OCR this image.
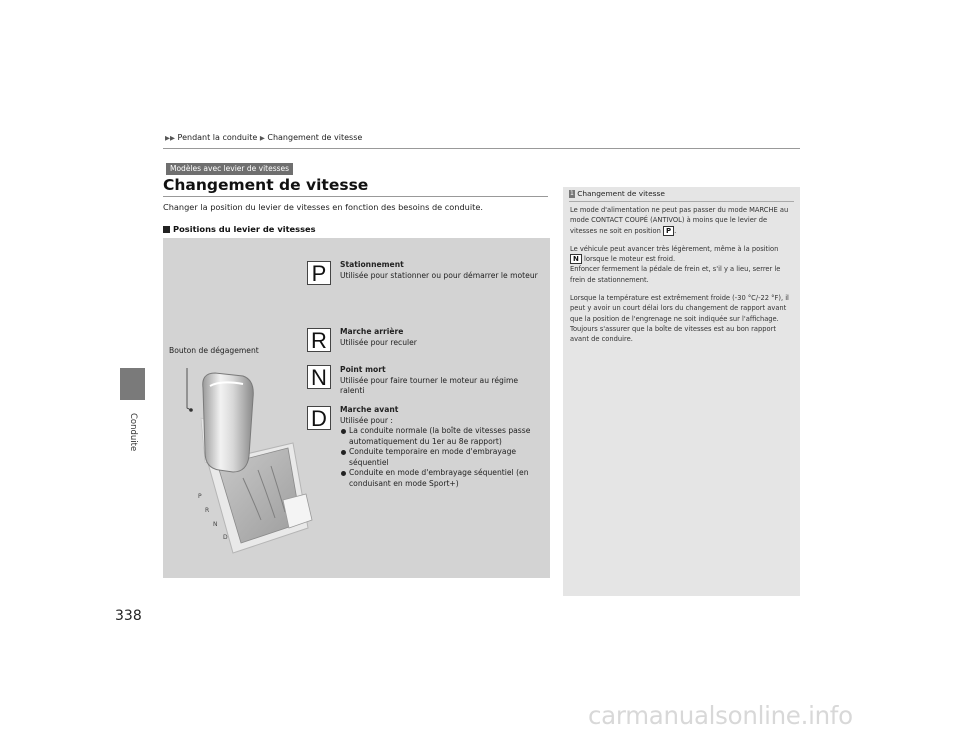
Conduite
338
▶▶ Pendant la conduite ▶ Changement de vitesse
Modèles avec levier de vitesses
Changement de vitesse
Changer la position du levier de vitesses en fonction des besoins de conduite.
Positions du levier de vitesses
P
R
N
D
Bouton de dégagement
P	Stationnement
Utilisée pour stationner ou pour démarrer le moteur
R	Marche arrière
Utilisée pour reculer
N	Point mort
Utilisée pour faire tourner le moteur au régime ralenti
D	Marche avant
Utilisée pour :
La conduite normale (la boîte de vitesses passe automatiquement du 1er au 8e rapport)
Conduite temporaire en mode d'embrayage séquentiel
Conduite en mode d'embrayage séquentiel (en conduisant en mode Sport+)
1 Changement de vitesse

Le mode d'alimentation ne peut pas passer du mode MARCHE au mode CONTACT COUPÉ (ANTIVOL) à moins que le levier de vitesses ne soit en position P .

Le véhicule peut avancer très légèrement, même à la position
N lorsque le moteur est froid.
Enfoncer fermement la pédale de frein et, s'il y a lieu, serrer le frein de stationnement.

Lorsque la température est extrêmement froide (-30 °C/-22 °F), il peut y avoir un court délai lors du changement de rapport avant que la position de l'engrenage ne soit indiquée sur l'affichage. Toujours s'assurer que la boîte de vitesses est au bon rapport avant de conduire.

carmanualsonline.info
